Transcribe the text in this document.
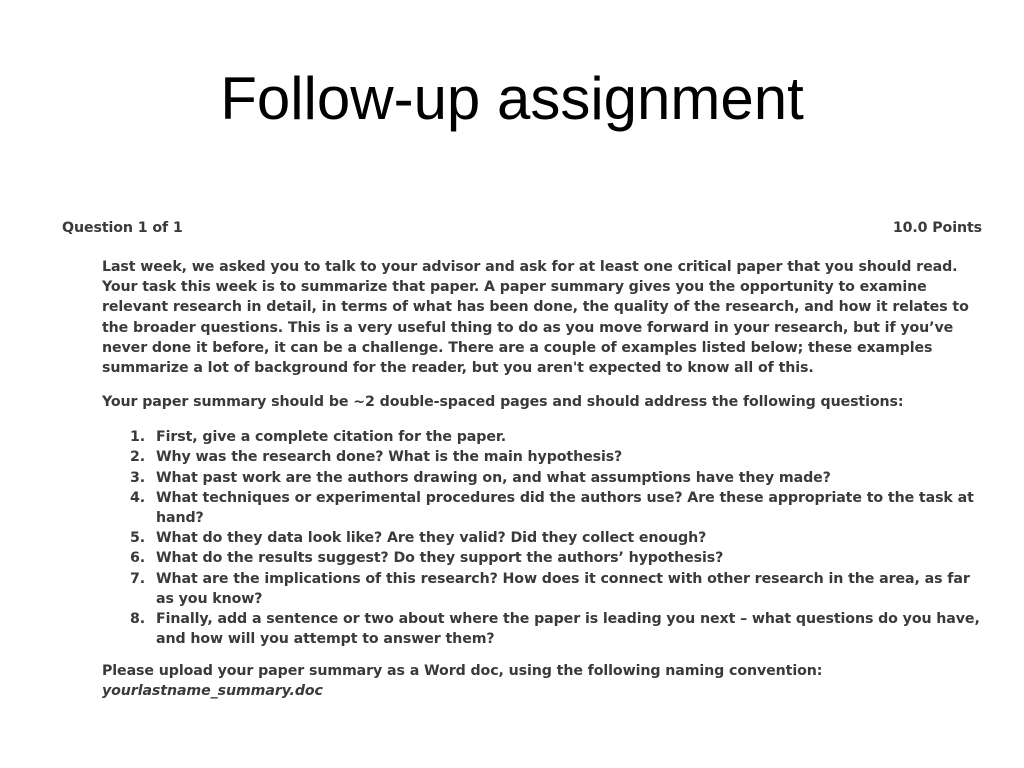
Follow-up assignment
Question 1 of 1	10.0 Points

Last week, we asked you to talk to your advisor and ask for at least one critical paper that you should read. Your task this week is to summarize that paper. A paper summary gives you the opportunity to examine relevant research in detail, in terms of what has been done, the quality of the research, and how it relates to the broader questions. This is a very useful thing to do as you move forward in your research, but if you’ve never done it before, it can be a challenge. There are a couple of examples listed below; these examples summarize a lot of background for the reader, but you aren't expected to know all of this.

Your paper summary should be ~2 double-spaced pages and should address the following questions:

1. First, give a complete citation for the paper.
2. Why was the research done? What is the main hypothesis?
3. What past work are the authors drawing on, and what assumptions have they made?
4. What techniques or experimental procedures did the authors use? Are these appropriate to the task at hand?
5. What do they data look like? Are they valid? Did they collect enough?
6. What do the results suggest? Do they support the authors’ hypothesis?
7. What are the implications of this research? How does it connect with other research in the area, as far as you know?
8. Finally, add a sentence or two about where the paper is leading you next – what questions do you have, and how will you attempt to answer them?

Please upload your paper summary as a Word doc, using the following naming convention:
yourlastname_summary.doc
